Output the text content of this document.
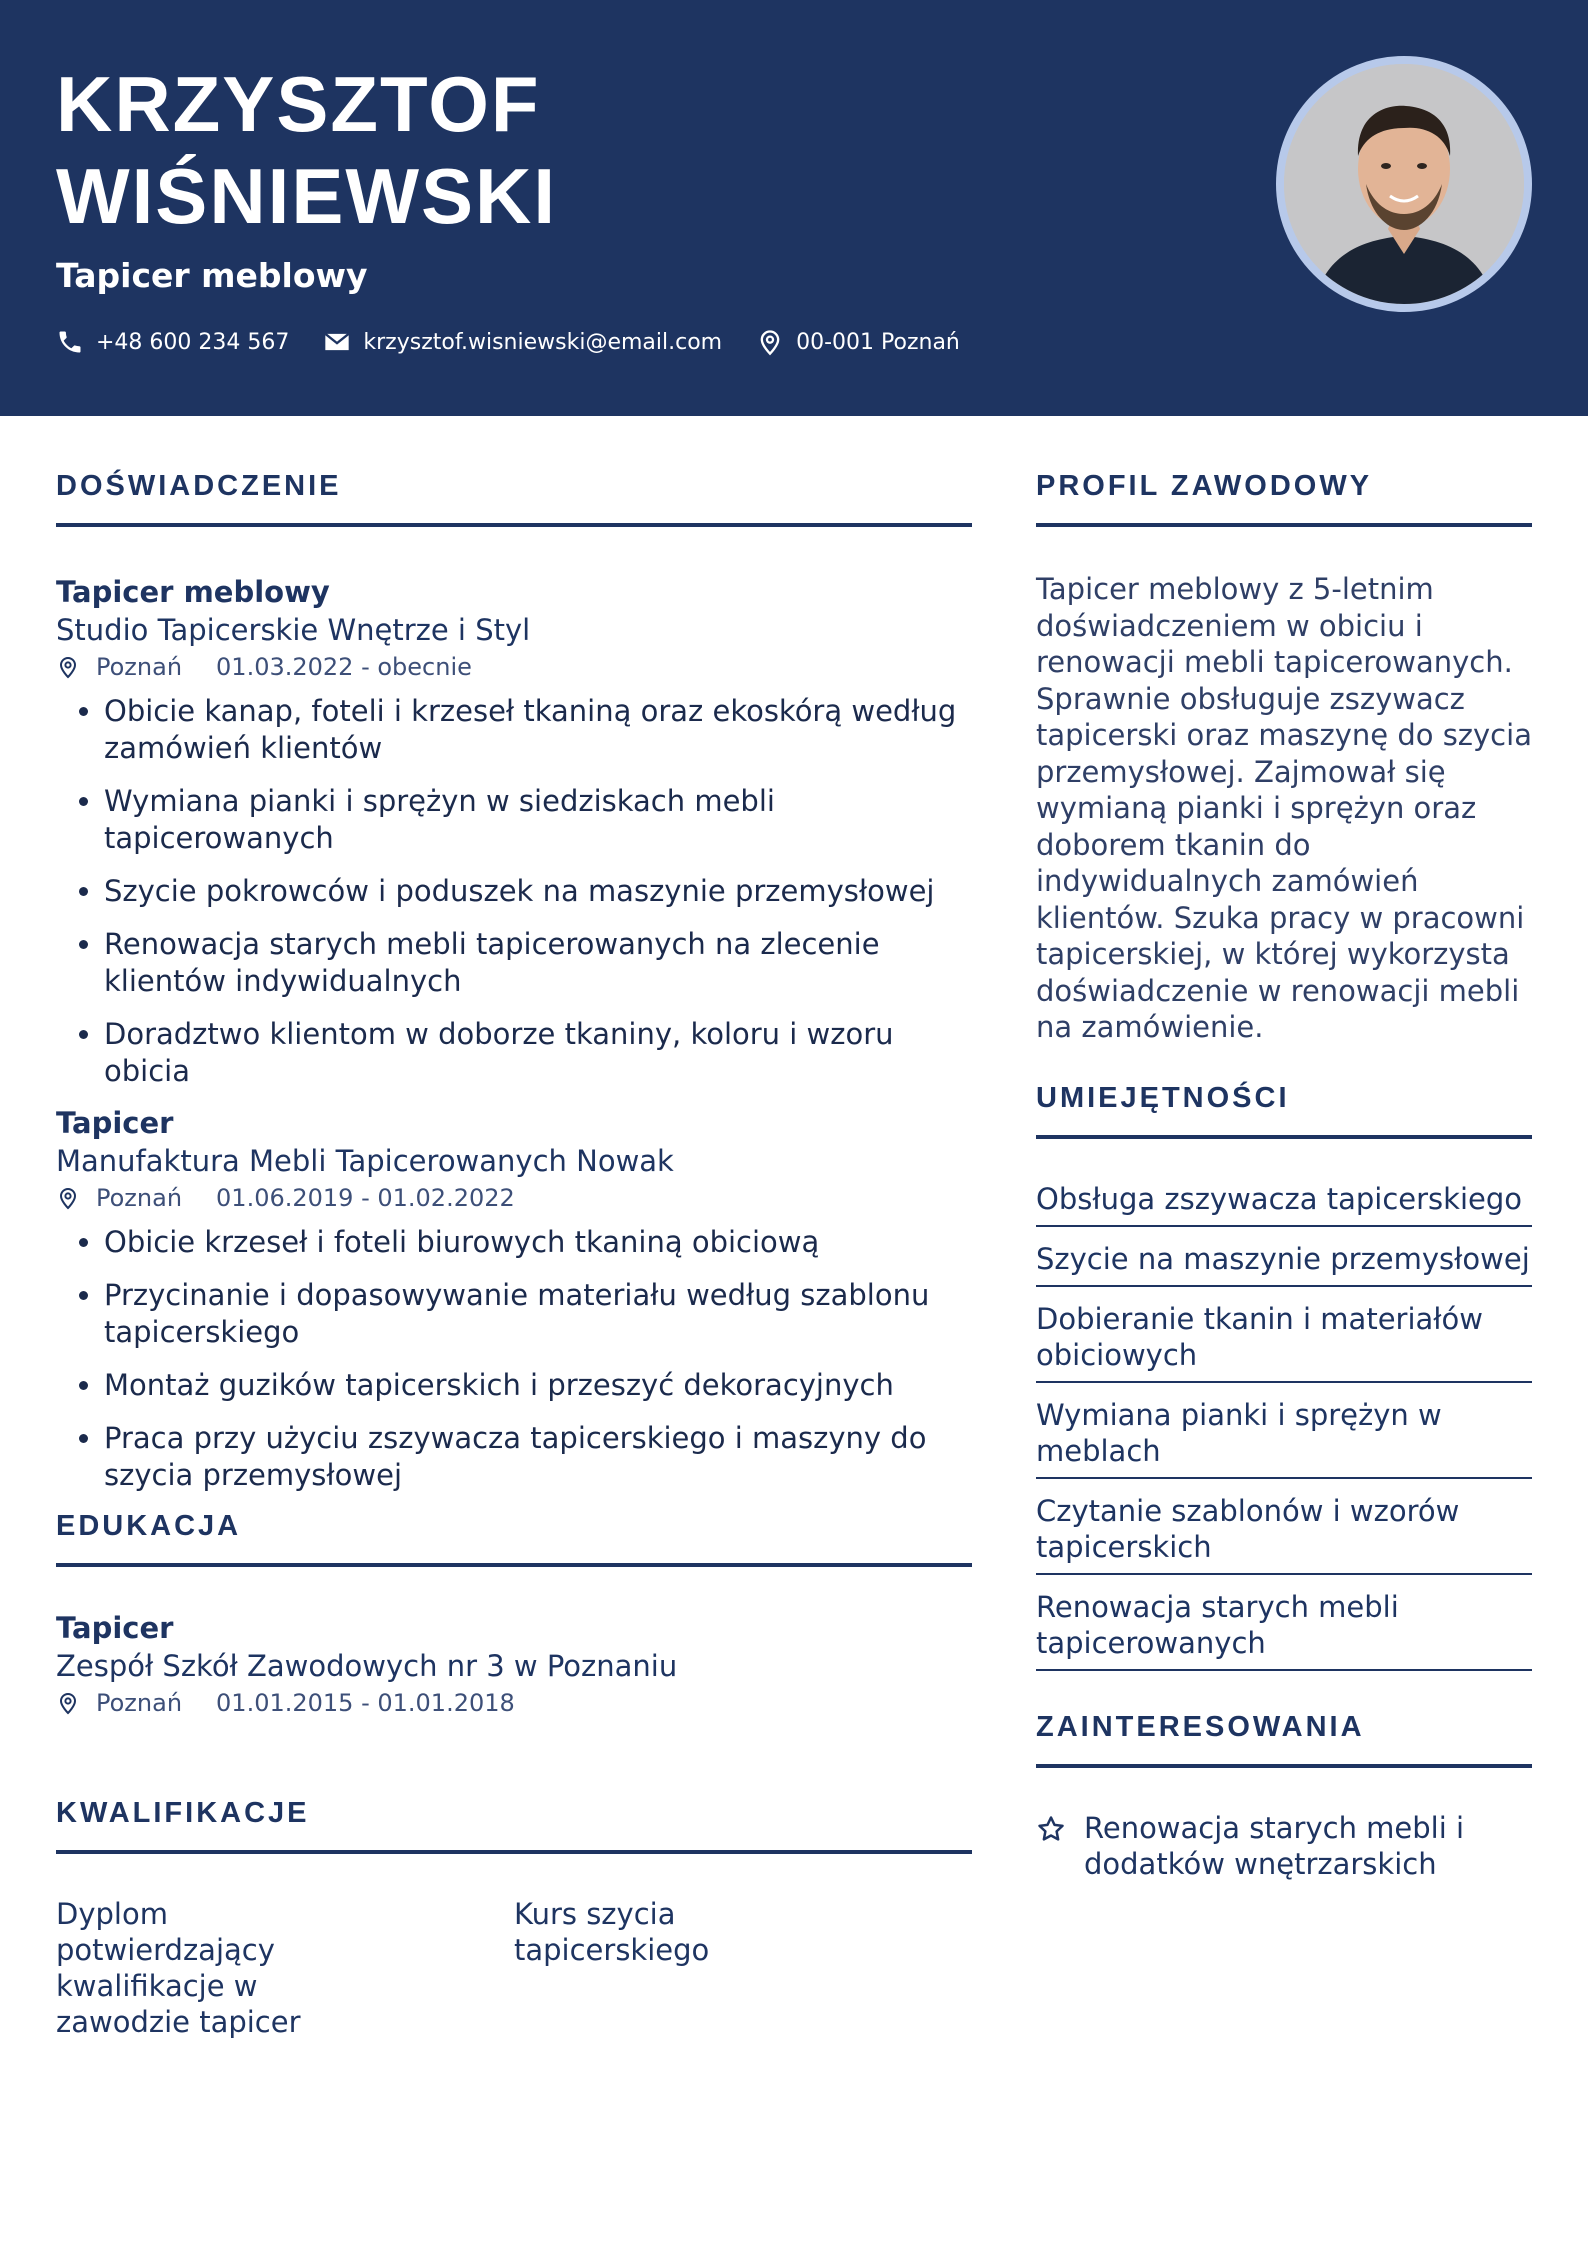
KRZYSZTOF
WIŚNIEWSKI

Tapicer meblowy

+48 600 234 567	krzysztof.wisniewski@email.com	00-001 Poznań
DOŚWIADCZENIE

Tapicer meblowy

Studio Tapicerskie Wnętrze i Styl

Poznań 01.03.2022 - obecnie
• Obicie kanap, foteli i krzeseł tkaniną oraz ekoskórą według zamówień klientów
• Wymiana pianki i sprężyn w siedziskach mebli tapicerowanych
• Szycie pokrowców i poduszek na maszynie przemysłowej
• Renowacja starych mebli tapicerowanych na zlecenie klientów indywidualnych
• Doradztwo klientom w doborze tkaniny, koloru i wzoru obicia

Tapicer

Manufaktura Mebli Tapicerowanych Nowak

Poznań 01.06.2019 - 01.02.2022
• Obicie krzeseł i foteli biurowych tkaniną obiciową
• Przycinanie i dopasowywanie materiału według szablonu tapicerskiego
• Montaż guzików tapicerskich i przeszyć dekoracyjnych
• Praca przy użyciu zszywacza tapicerskiego i maszyny do szycia przemysłowej
EDUKACJA

Tapicer

Zespół Szkół Zawodowych nr 3 w Poznaniu

Poznań 01.01.2015 - 01.01.2018
KWALIFIKACJE
Dyplom potwierdzający kwalifikacje w zawodzie tapicer
Kurs szycia tapicerskiego
PROFIL ZAWODOWY

Tapicer meblowy z 5-letnim doświadczeniem w obiciu i renowacji mebli tapicerowanych. Sprawnie obsługuje zszywacz tapicerski oraz maszynę do szycia przemysłowej. Zajmował się wymianą pianki i sprężyn oraz doborem tkanin do indywidualnych zamówień klientów. Szuka pracy w pracowni tapicerskiej, w której wykorzysta doświadczenie w renowacji mebli na zamówienie.

UMIEJĘTNOŚCI
Obsługa zszywacza tapicerskiego
Szycie na maszynie przemysłowej
Dobieranie tkanin i materiałów obiciowych
Wymiana pianki i sprężyn w meblach
Czytanie szablonów i wzorów tapicerskich
Renowacja starych mebli tapicerowanych
ZAINTERESOWANIA
Renowacja starych mebli i dodatków wnętrzarskich
